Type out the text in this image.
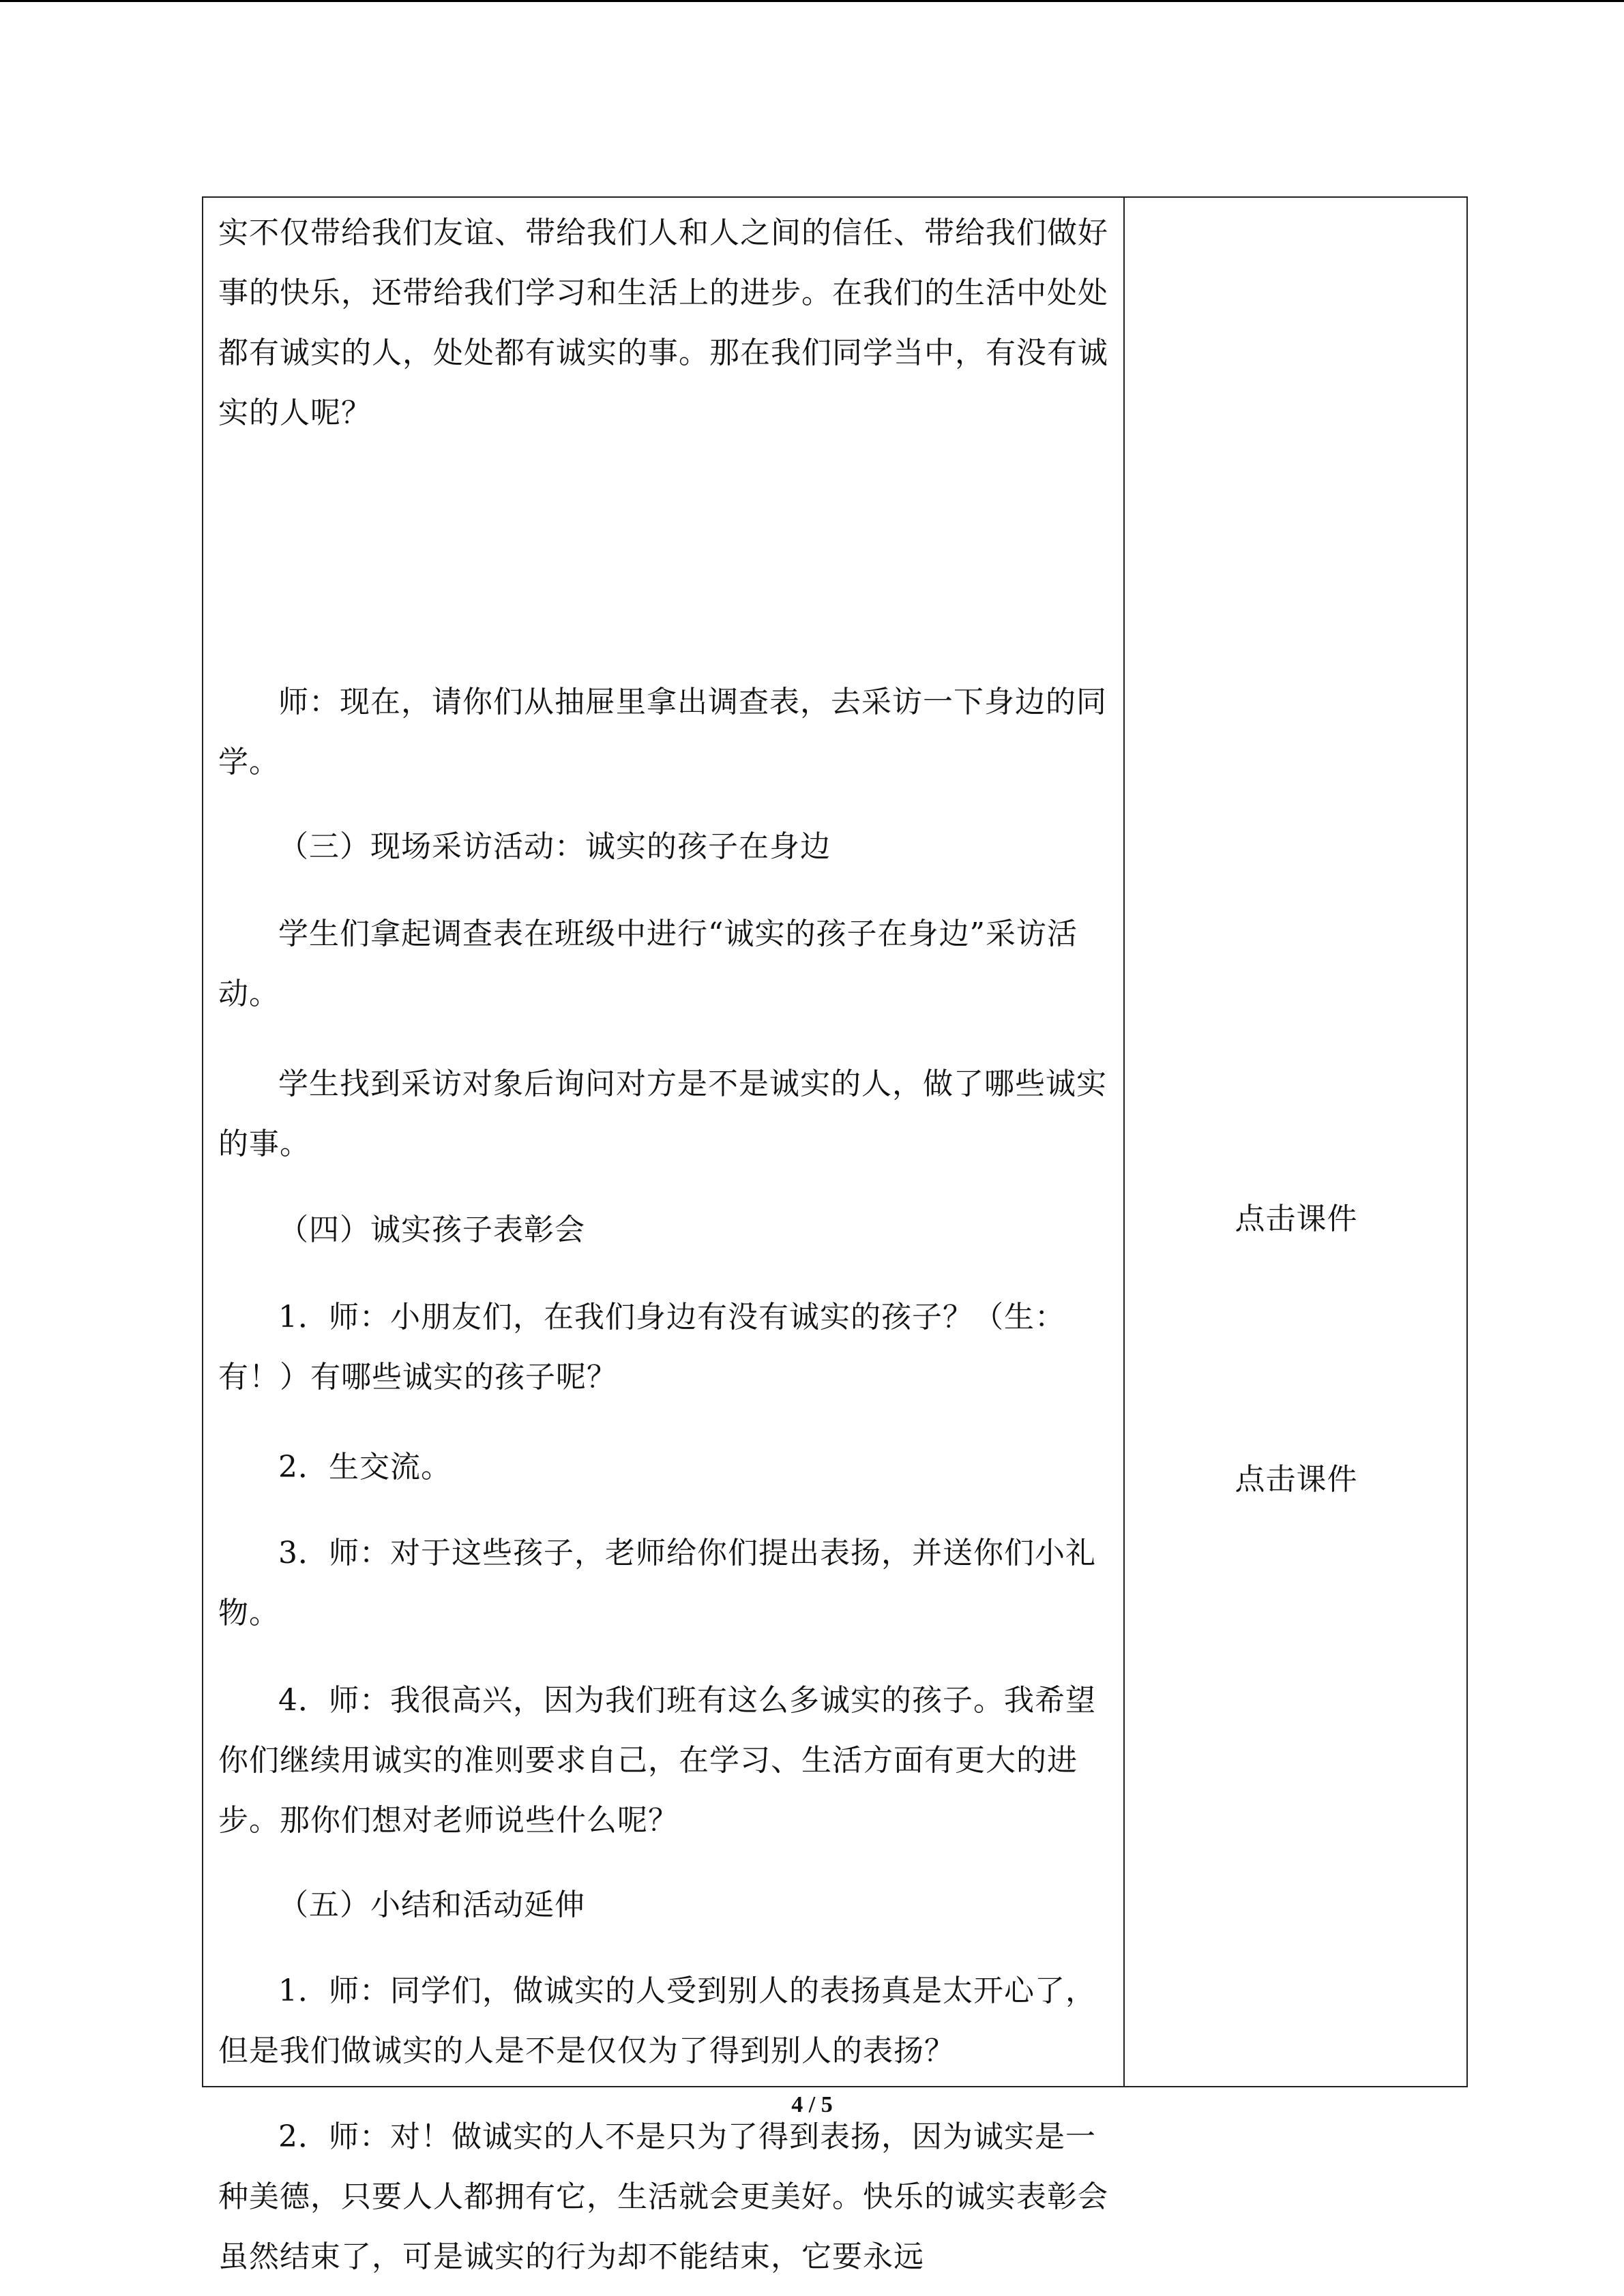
实不仅带给我们友谊、带给我们人和人之间的信任、带给我们做好事的快乐，还带给我们学习和生活上的进步。在我们的生活中处处都有诚实的人，处处都有诚实的事。那在我们同学当中，有没有诚实的人呢？

师：现在，请你们从抽屉里拿出调查表，去采访一下身边的同学。

（三）现场采访活动：诚实的孩子在身边

学生们拿起调查表在班级中进行“诚实的孩子在身边”采访活动。

学生找到采访对象后询问对方是不是诚实的人，做了哪些诚实的事。

（四）诚实孩子表彰会

1．师：小朋友们，在我们身边有没有诚实的孩子？（生：有！）有哪些诚实的孩子呢？

2．生交流。

3．师：对于这些孩子，老师给你们提出表扬，并送你们小礼物。

4．师：我很高兴，因为我们班有这么多诚实的孩子。我希望你们继续用诚实的准则要求自己，在学习、生活方面有更大的进步。那你们想对老师说些什么呢？

（五）小结和活动延伸

1．师：同学们，做诚实的人受到别人的表扬真是太开心了，但是我们做诚实的人是不是仅仅为了得到别人的表扬？

2．师：对！做诚实的人不是只为了得到表扬，因为诚实是一种美德，只要人人都拥有它，生活就会更美好。快乐的诚实表彰会虽然结束了，可是诚实的行为却不能结束，它要永远

点击课件
点击课件
4 / 5
